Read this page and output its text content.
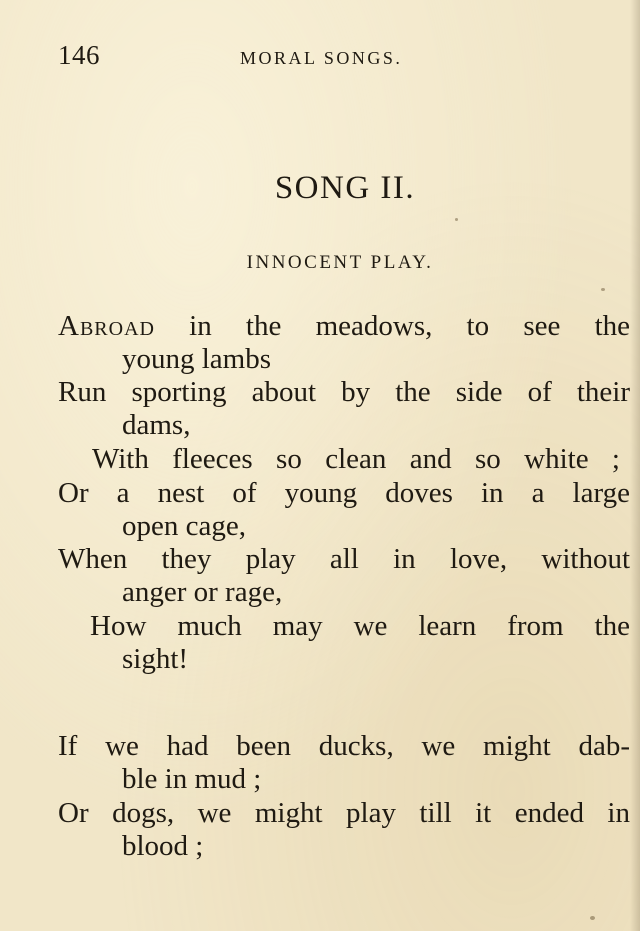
146	MORAL SONGS.
SONG II.
INNOCENT PLAY.
Abroad in the meadows, to see the
young lambs
Run sporting about by the side of their
dams,
With fleeces so clean and so white ;
Or a nest of young doves in a large
open cage,
When they play all in love, without
anger or rage,
How much may we learn from the
sight!
If we had been ducks, we might dab-
ble in mud ;
Or dogs, we might play till it ended in
blood ;
